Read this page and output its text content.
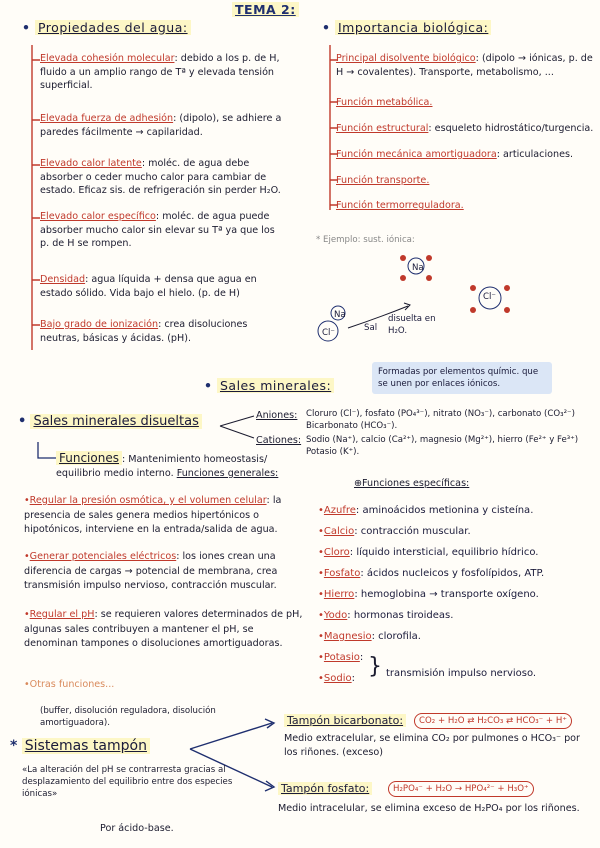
TEMA 2:
• Propiedades del agua:	• Importancia biológica:
Elevada cohesión molecular: debido a los p. de H, fluido a un amplio rango de Tª y elevada tensión superficial.
Elevada fuerza de adhesión: (dipolo), se adhiere a paredes fácilmente → capilaridad.
Elevado calor latente: moléc. de agua debe absorber o ceder mucho calor para cambiar de estado. Eficaz sis. de refrigeración sin perder H₂O.
Elevado calor específico: moléc. de agua puede absorber mucho calor sin elevar su Tª ya que los p. de H se rompen.
Densidad: agua líquida + densa que agua en estado sólido. Vida bajo el hielo. (p. de H)
Bajo grado de ionización: crea disoluciones neutras, básicas y ácidas. (pH).
Principal disolvente biológico: (dipolo → iónicas, p. de H → covalentes). Transporte, metabolismo, ...
Función metabólica.
Función estructural: esqueleto hidrostático/turgencia.
Función mecánica amortiguadora: articulaciones.
Función transporte.
Función termorreguladora.
* Ejemplo: sust. iónica:
Na
Cl⁻
Na
Cl⁻	Sal
disuelta en H₂O.
• Sales minerales:
Formadas por elementos químic. que se unen por enlaces iónicos.
• Sales minerales disueltas	Aniones: Cloruro (Cl⁻), fosfato (PO₄³⁻), nitrato (NO₃⁻), carbonato (CO₃²⁻) Bicarbonato (HCO₃⁻).
Cationes: Sodio (Na⁺), calcio (Ca²⁺), magnesio (Mg²⁺), hierro (Fe²⁺ y Fe³⁺) Potasio (K⁺).
Funciones : Mantenimiento homeostasis/ equilibrio medio interno. Funciones generales:
•Regular la presión osmótica, y el volumen celular: la presencia de sales genera medios hipertónicos o hipotónicos, interviene en la entrada/salida de agua.
•Generar potenciales eléctricos: los iones crean una diferencia de cargas → potencial de membrana, crea transmisión impulso nervioso, contracción muscular.
•Regular el pH: se requieren valores determinados de pH, algunas sales contribuyen a mantener el pH, se denominan tampones o disoluciones amortiguadoras.
•Otras funciones...
⊕Funciones específicas:
•Azufre: aminoácidos metionina y cisteína.
•Calcio: contracción muscular.
•Cloro: líquido intersticial, equilibrio hídrico.
•Fosfato: ácidos nucleicos y fosfolípidos, ATP.
•Hierro: hemoglobina → transporte oxígeno.
•Yodo: hormonas tiroideas.
•Magnesio: clorofila.
•Potasio:
•Sodio: } transmisión impulso nervioso.
(buffer, disolución reguladora, disolución amortiguadora).
* Sistemas tampón
«La alteración del pH se contrarresta gracias al desplazamiento del equilibrio entre dos especies iónicas»
Por ácido-base.
Tampón bicarbonato:	CO₂ + H₂O ⇄ H₂CO₃ ⇄ HCO₃⁻ + H⁺
Medio extracelular, se elimina CO₂ por pulmones o HCO₃⁻ por los riñones. (exceso)
Tampón fosfato:	H₂PO₄⁻ + H₂O → HPO₄²⁻ + H₃O⁺
Medio intracelular, se elimina exceso de H₂PO₄ por los riñones.
